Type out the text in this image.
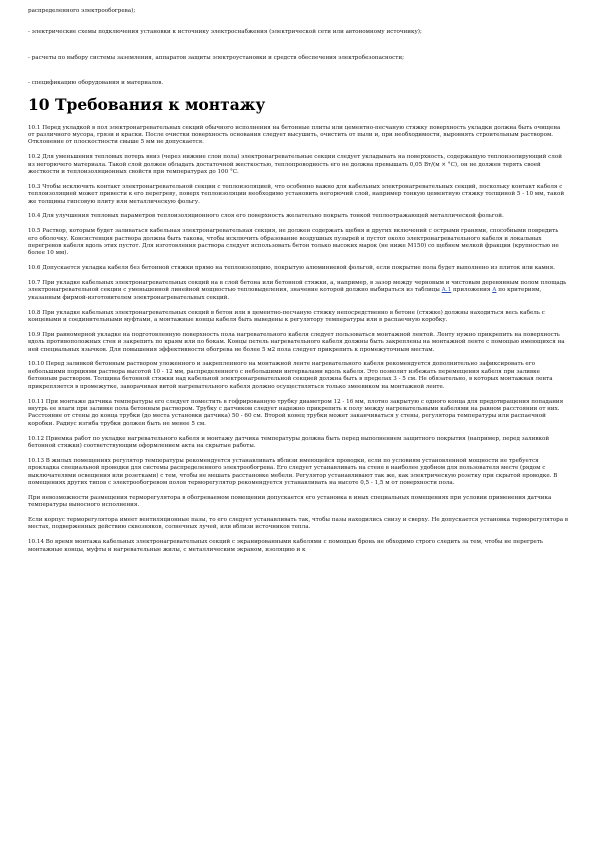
распределенного электрообогрева);

- электрические схемы подключения установки к источнику электроснабжения (электрической сети или автономному источнику);

- расчеты по выбору системы заземления, аппаратов защиты электроустановки и средств обеспечения электробезопасности;

- спецификацию оборудования и материалов.

10 Требования к монтажу

10.1 Перед укладкой в пол электронагревательных секций обычного исполнения на бетонные плиты или цементно-песчаную стяжку поверхность укладки должна быть очищена от различного мусора, грязи и краски. После очистки поверхность основания следует высушить, очистить от пыли и, при необходимости, выровнять строительным раствором. Отклонение от плоскостности свыше 5 мм не допускается.

10.2 Для уменьшения тепловых потерь вниз (через нижние слои пола) электронагревательные секции следует укладывать на поверхность, содержащую теплоизолирующий слой из негорючего материала. Такой слой должен обладать достаточной жесткостью, теплопроводность его не должна превышать 0,05 Вт/(м × °С), он не должен терять своей жесткости и теплоизоляционных свойств при температурах до 100 °С.

10.3 Чтобы исключить контакт электронагревательной секции с теплоизоляцией, что особенно важно для кабельных электронагревательных секций, поскольку контакт кабеля с теплоизоляцией может привести к его перегреву, поверх теплоизоляции необходимо установить негорючий слой, например тонкую цементную стяжку толщиной 5 - 10 мм, такой же толщины гипсовую плиту или металлическую фольгу.

10.4 Для улучшения тепловых параметров теплоизоляционного слоя его поверхность желательно покрыть тонкой теплоотражающей металлической фольгой.

10.5 Раствор, которым будет заливаться кабельная электронагревательная секция, не должен содержать щебня и других включений с острыми гранями, способными повредить его оболочку. Консистенция раствора должна быть такова, чтобы исключить образование воздушных пузырей и пустот около электронагревательного кабеля и локальных перегревов кабеля вдоль этих пустот. Для изготовления раствора следует использовать бетон только высоких марок (не ниже М150) со щебнем мелкой фракции (крупностью не более 10 мм).

10.6 Допускается укладка кабеля без бетонной стяжки прямо на теплоизоляцию, покрытую алюминиевой фольгой, если покрытие пола будет выполнено из плиток или камня.

10.7 При укладке кабельных электронагревательных секций на в слой бетона или бетонной стяжки, а, например, в зазор между черновым и чистовым деревянным полом площадь электронагревательной секции с уменьшенной линейной мощностью тепловыделения, значение которой должно выбираться из таблицы А.1 приложения А по критериям, указанным фирмой-изготовителем электронагревательных секций.

10.8 При укладке кабельных электронагревательных секций в бетон или в цементно-песчаную стяжку непосредственно в бетоне (стяжке) должны находиться весь кабель с концевыми и соединительными муфтами, а монтажные концы кабеля быть выведены к регулятору температуры или в распаечную коробку.

10.9 При равномерной укладке на подготовленную поверхность пола нагревательного кабеля следует пользоваться монтажной лентой. Ленту нужно прикрепить на поверхность вдоль противоположных стен и закрепить по краям или по бокам. Концы петель нагревательного кабеля должны быть закреплены на монтажной ленте с помощью имеющихся на ней специальных язычков. Для повышения эффективности обогрева не более 5 м2 пола следует прикрепить к промежуточным местам.

10.10 Перед заливкой бетонным раствором уложенного и закрепленного на монтажной ленте нагревательного кабеля рекомендуется дополнительно зафиксировать его небольшими порциями раствора высотой 10 - 12 мм, распределенного с небольшими интервалами вдоль кабеля. Это позволит избежать перемещения кабеля при заливке бетонным раствором. Толщина бетонной стяжки над кабельной электронагревательной секцией должна быть в пределах 3 - 5 см. Не обязательно, в которых монтажная лента прикрепляется в промежутке, заворачивая витой нагревательного кабеля должно осуществляться только змеевиком на монтажной ленте.

10.11 При монтаже датчика температуры его следует поместить в гофрированную трубку диаметром 12 - 16 мм, плотно закрытую с одного конца для предотвращения попадания внутрь ее влаги при заливке пола бетонным раствором. Трубку с датчиком следует надежно прикрепить к полу между нагревательными кабелями на равном расстоянии от них. Расстояние от стены до конца трубки (до места установки датчика) 50 - 60 см. Второй конец трубки может заканчиваться у стены, регулятора температуры или распаечной коробки. Радиус изгиба трубки должен быть не менее 5 см.

10.12 Приемка работ по укладке нагревательного кабеля и монтажу датчика температуры должна быть перед выполнением защитного покрытия (например, перед заливкой бетонной стяжки) соответствующим оформлением акта на скрытые работы.

10.13 В жилых помещениях регулятор температуры рекомендуется устанавливать вблизи имеющейся проводки, если по условиям установленной мощности не требуется прокладка специальной проводки для системы распределенного электрообогрева. Его следует устанавливать на стене в наиболее удобном для пользователя месте (рядом с выключателями освещения или розетками) с тем, чтобы не мешать расстановке мебели. Регулятор устанавливают так же, как электрическую розетку при скрытой проводке. В помещениях других типов с электрообогревом полов терморегулятор рекомендуется устанавливать на высоте 0,5 - 1,5 м от поверхности пола.

При невозможности размещения терморегулятора в обогреваемом помещении допускается его установка в иных специальных помещениях при условии применения датчика температуры выносного исполнения.

Если корпус терморегулятора имеет вентиляционные пазы, то его следует устанавливать так, чтобы пазы находились снизу и сверху. Не допускается установка терморегулятора в местах, подверженных действию сквозняков, солнечных лучей, или вблизи источников тепла.

10.14 Во время монтажа кабельных электронагревательных секций с экранированными кабелями с помощью бронь не обходимо строго следить за тем, чтобы не перегреть монтажные концы, муфты и нагревательные жилы, с металлическим экраном, изоляцию и к
